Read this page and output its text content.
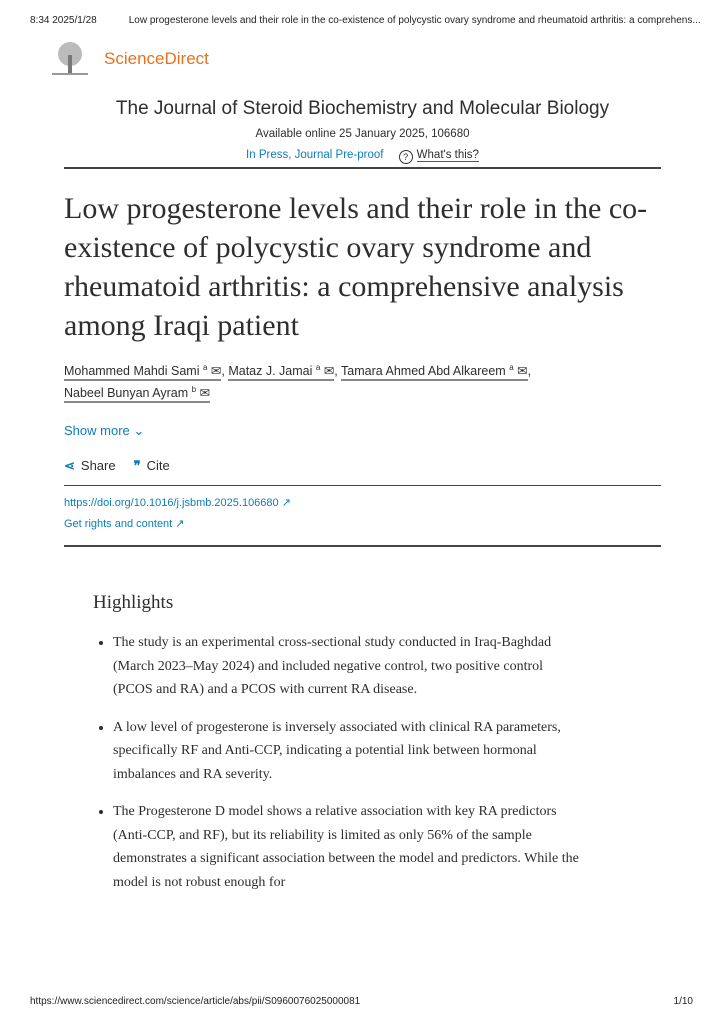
8:34 2025/1/28	Low progesterone levels and their role in the co-existence of polycystic ovary syndrome and rheumatoid arthritis: a comprehens...
ScienceDirect
The Journal of Steroid Biochemistry and Molecular Biology
Available online 25 January 2025, 106680
In Press, Journal Pre-proof ? What's this?
Low progesterone levels and their role in the co-existence of polycystic ovary syndrome and rheumatoid arthritis: a comprehensive analysis among Iraqi patient
Mohammed Mahdi Sami $^a$ ✉, Mataz J. Jamai $^a$ ✉, Tamara Ahmed Abd Alkareem $^a$ ✉,
Nabeel Bunyan Ayram $^b$ ✉
Show more ⌄
⋖ Share ❞ Cite
https://doi.org/10.1016/j.jsbmb.2025.106680 ↗
Get rights and content ↗
Highlights
• The study is an experimental cross-sectional study conducted in Iraq-Baghdad (March 2023–May 2024) and included negative control, two positive control (PCOS and RA) and a PCOS with current RA disease.
• A low level of progesterone is inversely associated with clinical RA parameters, specifically RF and Anti-CCP, indicating a potential link between hormonal imbalances and RA severity.
• The Progesterone D model shows a relative association with key RA predictors (Anti-CCP, and RF), but its reliability is limited as only 56% of the sample demonstrates a significant association between the model and predictors. While the model is not robust enough for
https://www.sciencedirect.com/science/article/abs/pii/S0960076025000081	1/10
